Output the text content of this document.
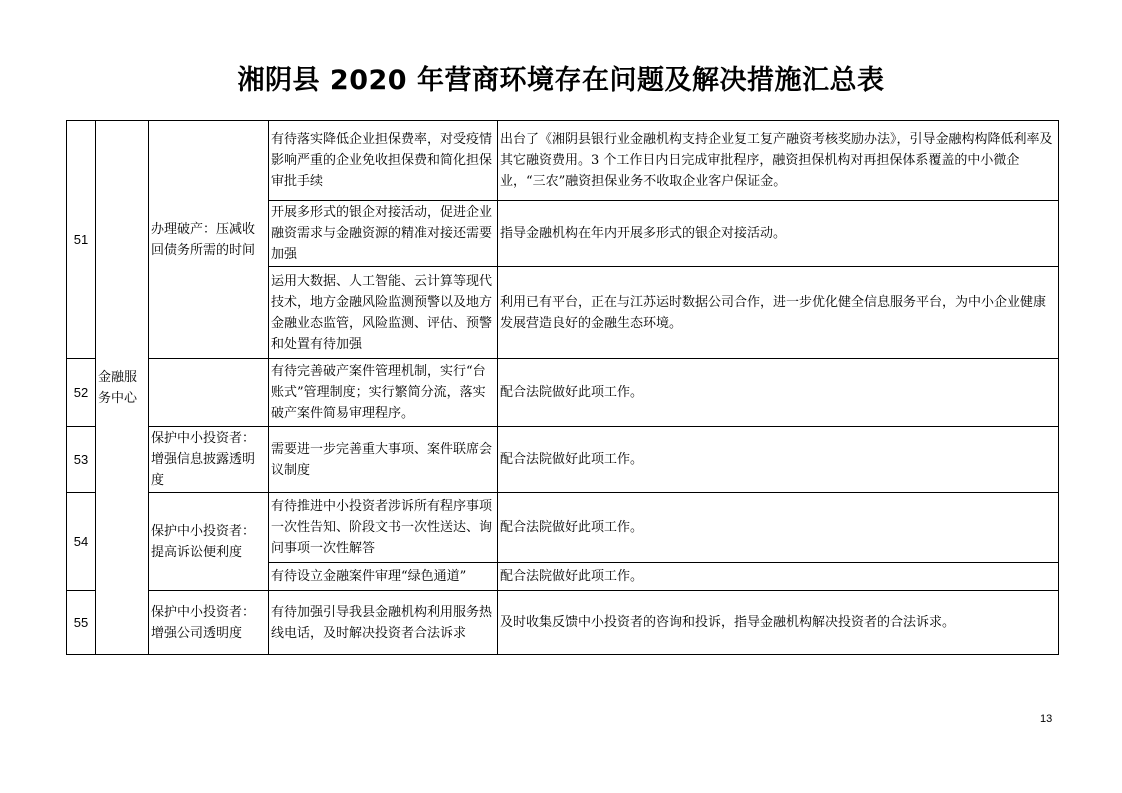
湘阴县 2020 年营商环境存在问题及解决措施汇总表
51	金融服务中心	办理破产：压减收回债务所需的时间	有待落实降低企业担保费率，对受疫情影响严重的企业免收担保费和简化担保审批手续	出台了《湘阴县银行业金融机构支持企业复工复产融资考核奖励办法》，引导金融构构降低利率及其它融资费用。3 个工作日内日完成审批程序，融资担保机构对再担保体系覆盖的中小微企业，“三农”融资担保业务不收取企业客户保证金。
			开展多形式的银企对接活动，促进企业融资需求与金融资源的精准对接还需要加强	指导金融机构在年内开展多形式的银企对接活动。
			运用大数据、人工智能、云计算等现代技术，地方金融风险监测预警以及地方金融业态监管，风险监测、评估、预警和处置有待加强	利用已有平台，正在与江苏运时数据公司合作，进一步优化健全信息服务平台，为中小企业健康发展营造良好的金融生态环境。
52			有待完善破产案件管理机制，实行“台账式”管理制度；实行繁简分流，落实破产案件简易审理程序。	配合法院做好此项工作。
53		保护中小投资者：增强信息披露透明度	需要进一步完善重大事项、案件联席会议制度	配合法院做好此项工作。
54		保护中小投资者：提高诉讼便利度	有待推进中小投资者涉诉所有程序事项一次性告知、阶段文书一次性送达、询问事项一次性解答	配合法院做好此项工作。
			有待设立金融案件审理“绿色通道”	配合法院做好此项工作。
55		保护中小投资者：增强公司透明度	有待加强引导我县金融机构利用服务热线电话，及时解决投资者合法诉求	及时收集反馈中小投资者的咨询和投诉，指导金融机构解决投资者的合法诉求。
13
